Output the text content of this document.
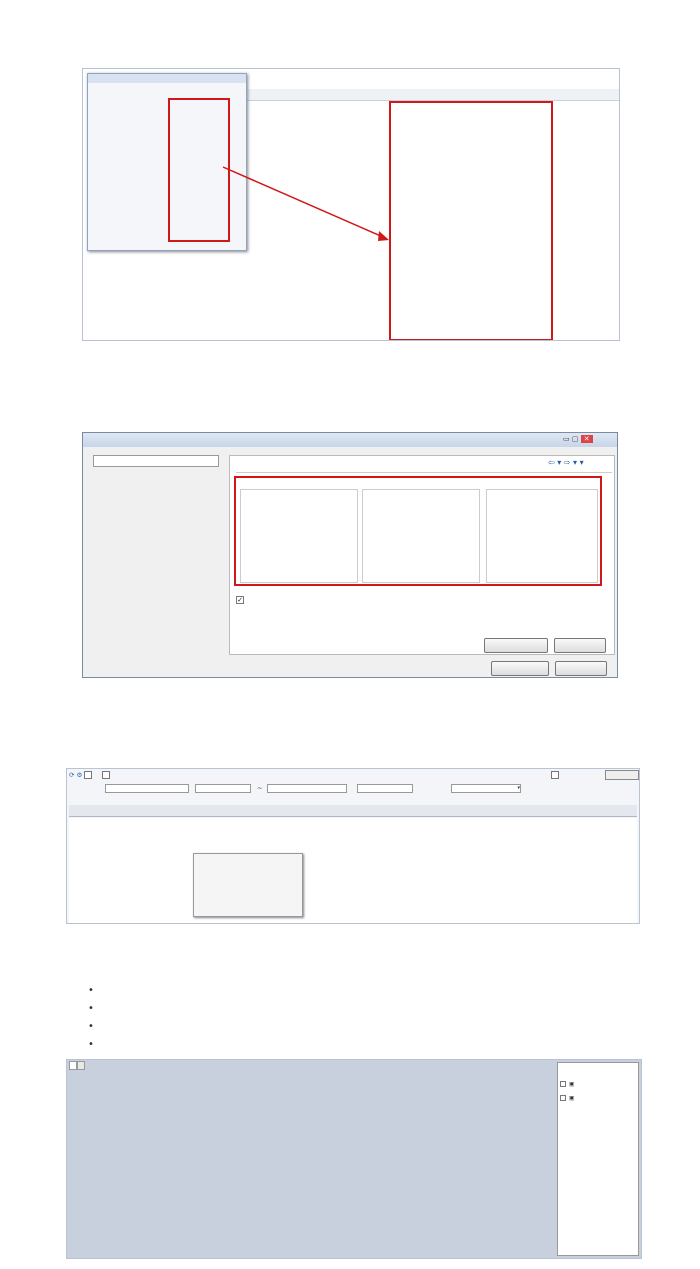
▭ ▢ ✕
⇦ ▾ ⇨ ▾ ▾
✓
⟳ ⚙
~	▾
•
•
•
•
▣
▣
